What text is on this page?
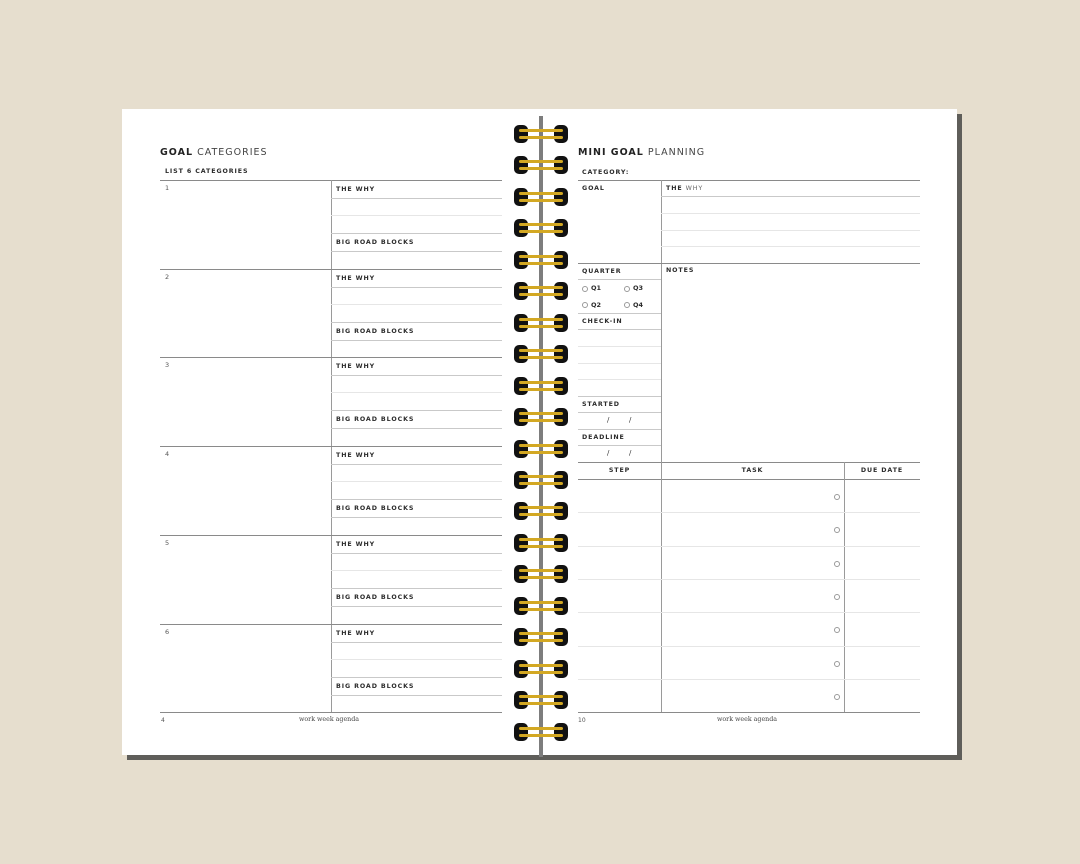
GOAL CATEGORIES
LIST 6 CATEGORIES
1	THE WHY
BIG ROAD BLOCKS
2	THE WHY
BIG ROAD BLOCKS
3	THE WHY
BIG ROAD BLOCKS
4	THE WHY
BIG ROAD BLOCKS
5	THE WHY
BIG ROAD BLOCKS
6	THE WHY
BIG ROAD BLOCKS
4	work week agenda
MINI GOAL PLANNING
CATEGORY:
GOAL	THE WHY
QUARTER	NOTES
Q1	Q3
Q2	Q4
CHECK-IN
STARTED
/	/
DEADLINE
/	/
STEP	TASK	DUE DATE
10	work week agenda
